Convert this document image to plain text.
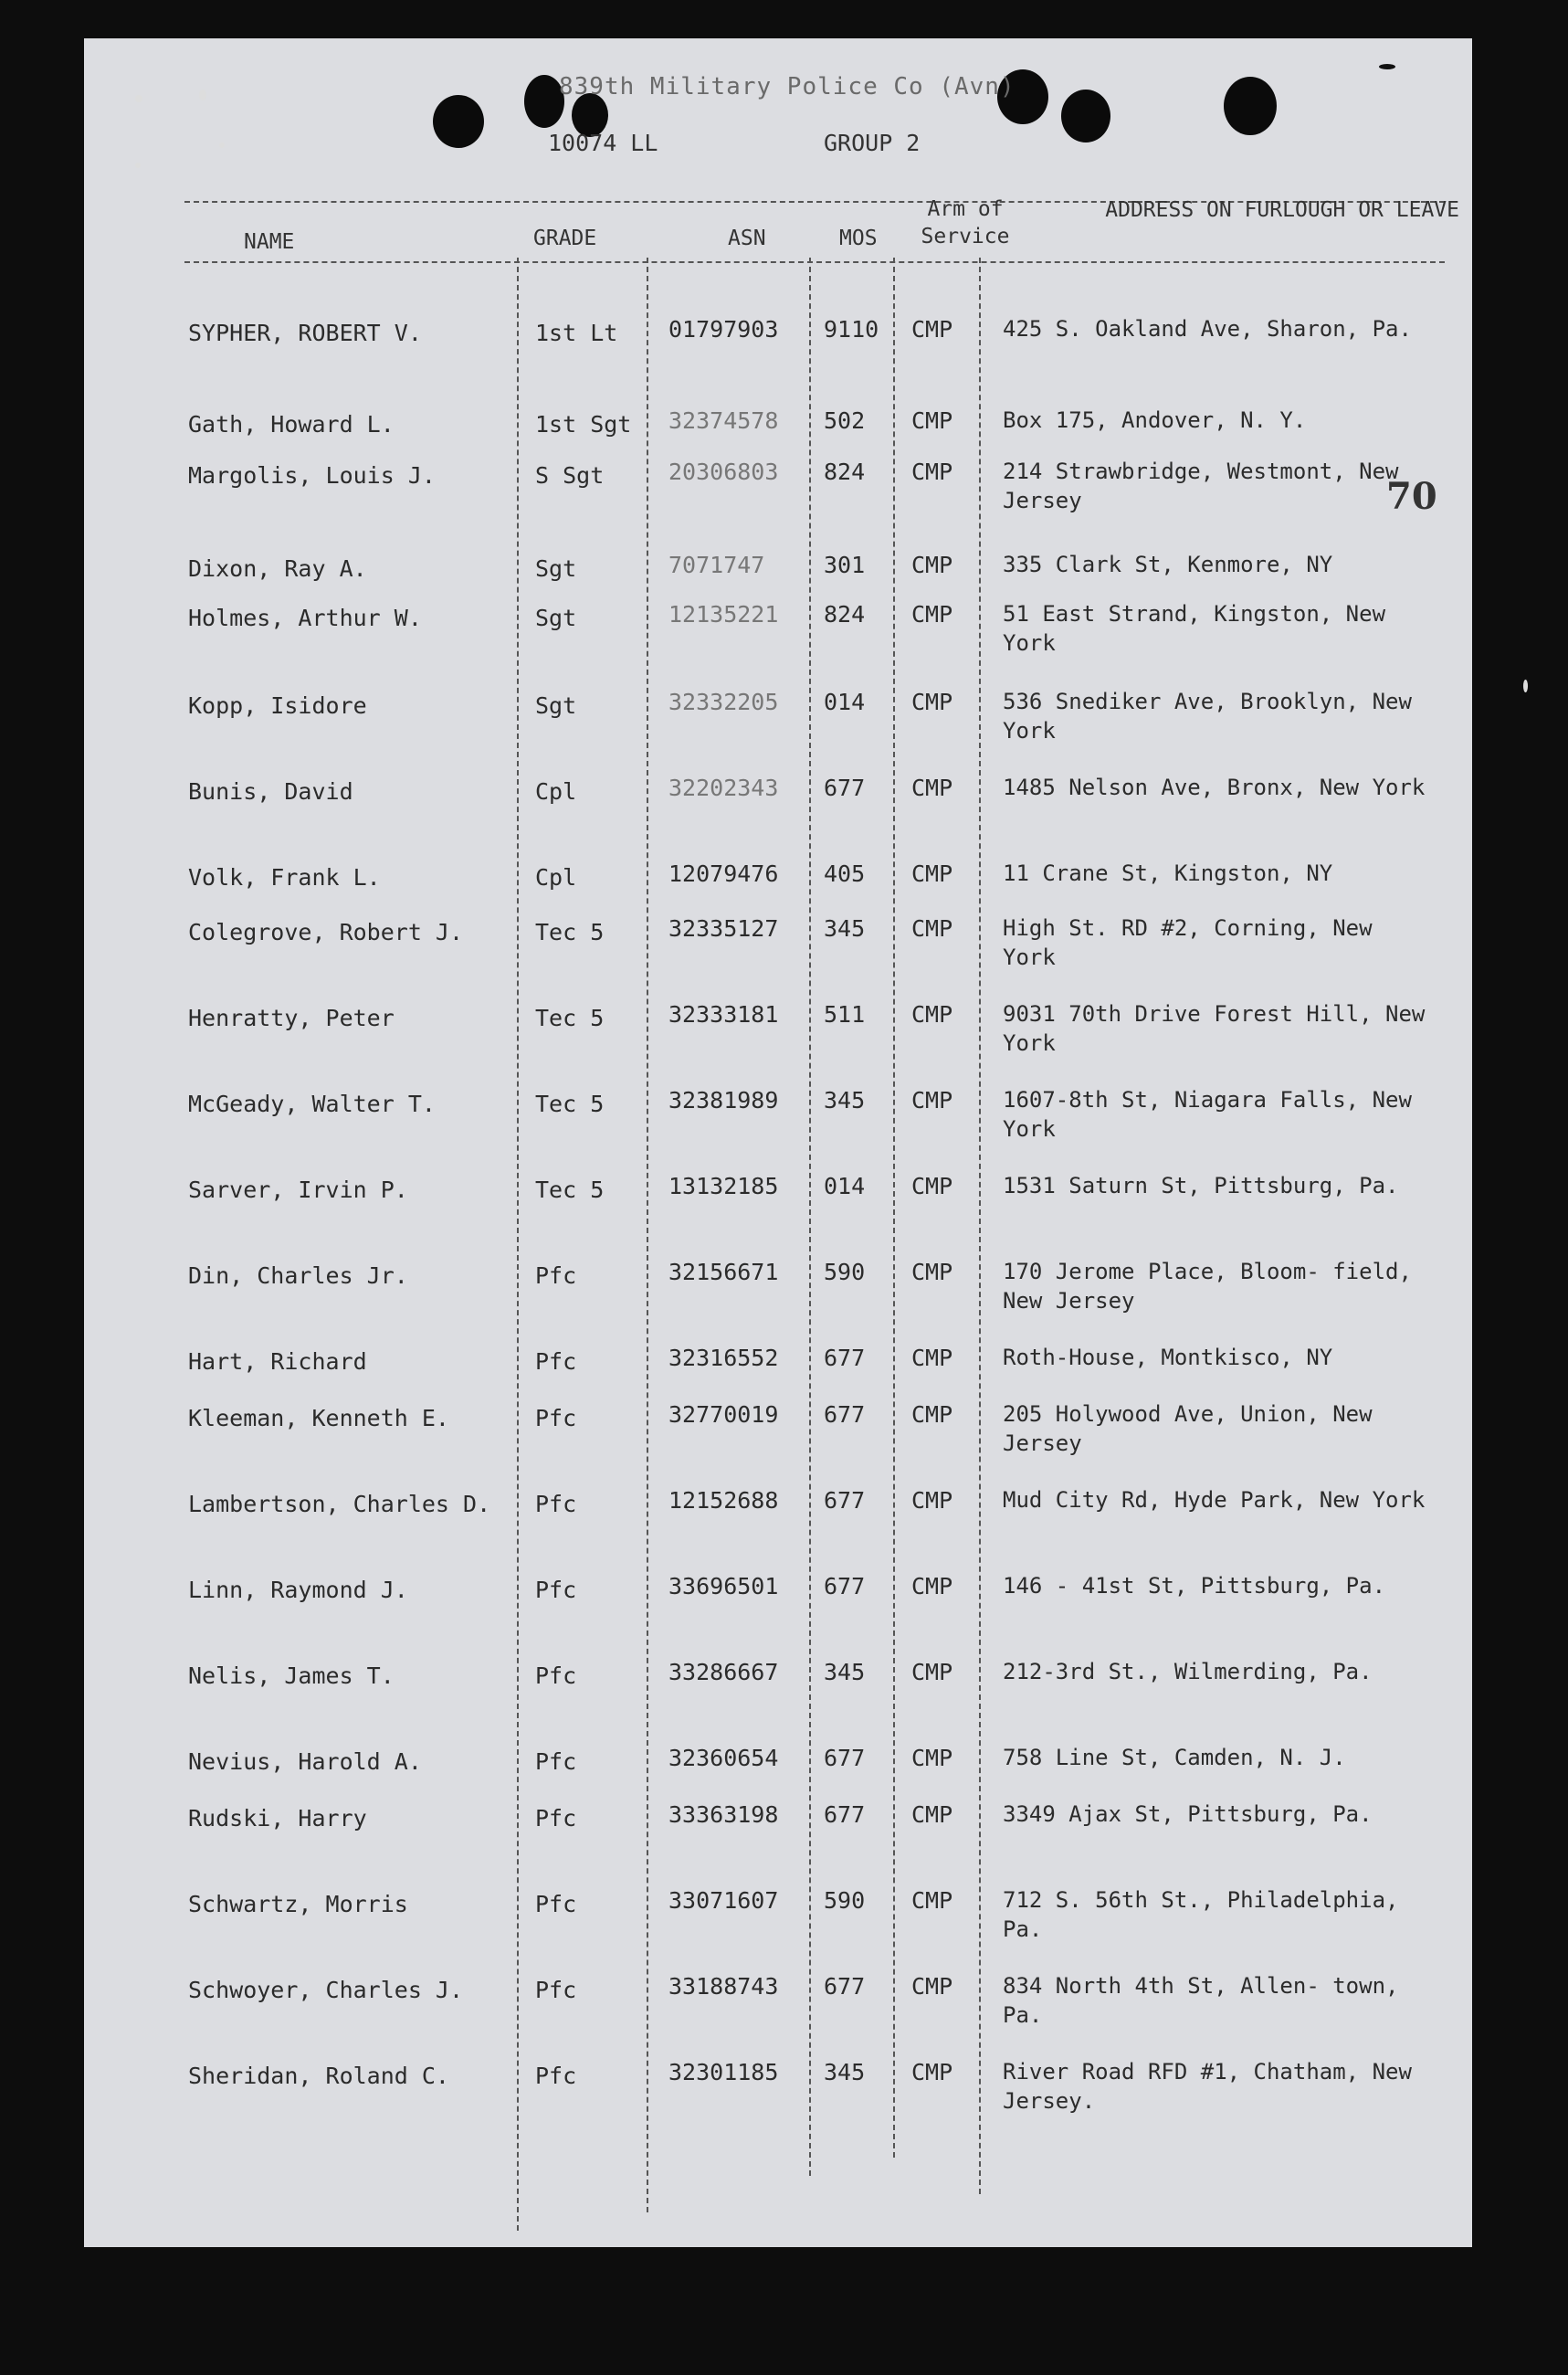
839th Military Police Co (Avn)
10074 LL	GROUP 2
70
NAME	GRADE	ASN	MOS
Arm of Service
ADDRESS ON FURLOUGH OR LEAVE
SYPHER, ROBERT V.	1st Lt 01797903 9110 CMP 425 S. Oakland Ave, Sharon, Pa.
Gath, Howard L.	1st Sgt 32374578 502 CMP Box 175, Andover, N. Y.
Margolis, Louis J.	S Sgt	20306803 824 CMP 214 Strawbridge, Westmont, New Jersey
Dixon, Ray A.	Sgt	7071747	301 CMP 335 Clark St, Kenmore, NY
Holmes, Arthur W.	Sgt	12135221 824 CMP 51 East Strand, Kingston, New York
Kopp, Isidore	Sgt	32332205 014 CMP 536 Snediker Ave, Brooklyn, New York
Bunis, David	Cpl	32202343 677 CMP 1485 Nelson Ave, Bronx, New York
Volk, Frank L.	Cpl	12079476 405 CMP 11 Crane St, Kingston, NY
Colegrove, Robert J.	Tec 5	32335127 345 CMP High St. RD #2, Corning, New York
Henratty, Peter	Tec 5	32333181 511 CMP 9031 70th Drive Forest Hill, New York
McGeady, Walter T.	Tec 5	32381989 345 CMP 1607-8th St, Niagara Falls, New York
Sarver, Irvin P.	Tec 5	13132185 014 CMP 1531 Saturn St, Pittsburg, Pa.
Din, Charles Jr.	Pfc	32156671 590 CMP 170 Jerome Place, Bloom- field, New Jersey
Hart, Richard	Pfc	32316552 677 CMP Roth-House, Montkisco, NY
Kleeman, Kenneth E.	Pfc	32770019 677 CMP 205 Holywood Ave, Union, New Jersey
Lambertson, Charles D. Pfc	12152688 677 CMP Mud City Rd, Hyde Park, New York
Linn, Raymond J.	Pfc	33696501 677 CMP 146 - 41st St, Pittsburg, Pa.
Nelis, James T.	Pfc	33286667 345 CMP 212-3rd St., Wilmerding, Pa.
Nevius, Harold A.	Pfc	32360654 677 CMP 758 Line St, Camden, N. J.
Rudski, Harry	Pfc	33363198 677 CMP 3349 Ajax St, Pittsburg, Pa.
Schwartz, Morris	Pfc	33071607 590 CMP 712 S. 56th St., Philadelphia, Pa.
Schwoyer, Charles J.	Pfc	33188743 677 CMP 834 North 4th St, Allen- town, Pa.
Sheridan, Roland C.	Pfc	32301185 345 CMP River Road RFD #1, Chatham, New Jersey.
